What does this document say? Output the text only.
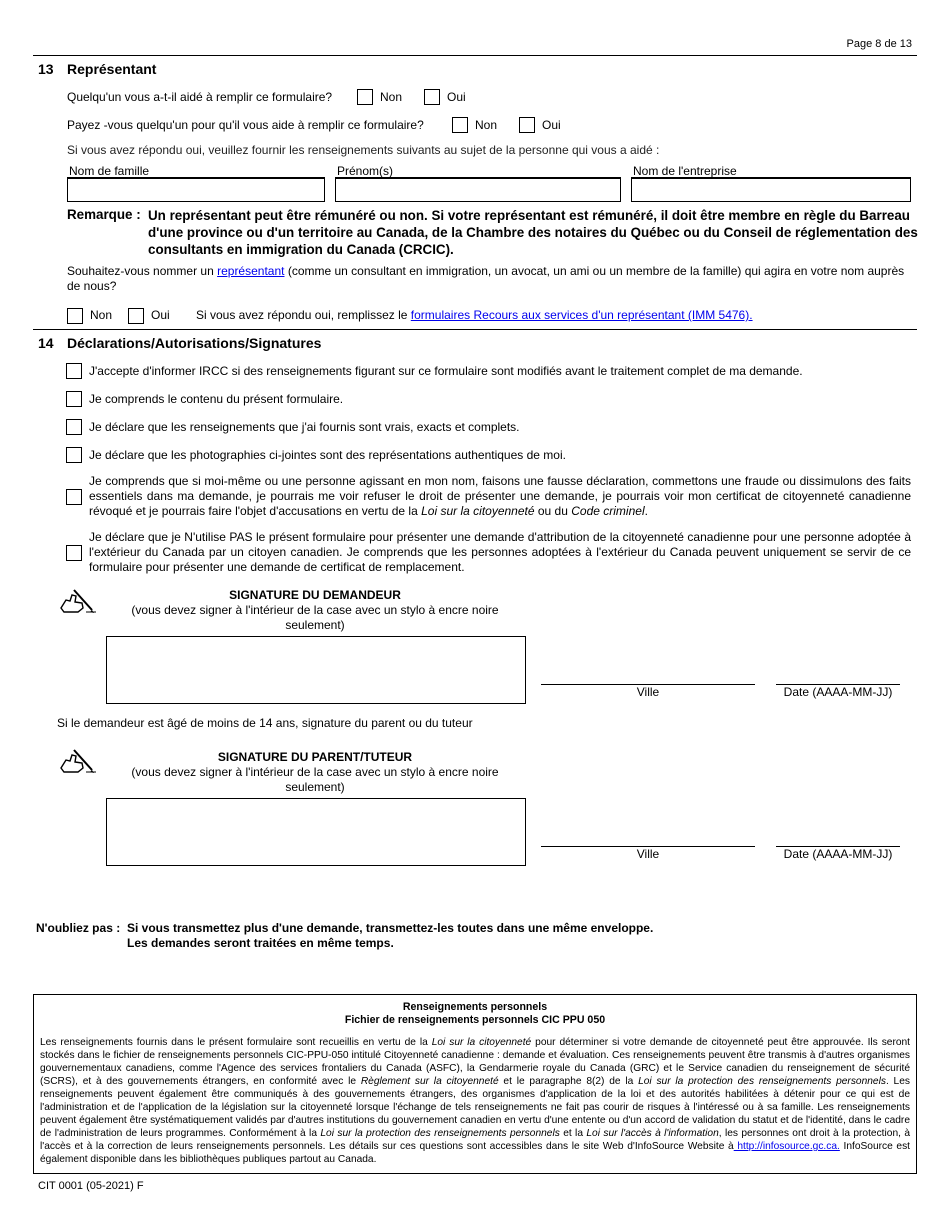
Page 8 de 13
13 Représentant
Quelqu'un vous a-t-il aidé à remplir ce formulaire?	Non	Oui
Payez -vous quelqu'un pour qu'il vous aide à remplir ce formulaire?	Non	Oui
Si vous avez répondu oui, veuillez fournir les renseignements suivants au sujet de la personne qui vous a aidé :
Nom de famille	Prénom(s)	Nom de l'entreprise
Remarque : Un représentant peut être rémunéré ou non. Si votre représentant est rémunéré, il doit être membre en règle du Barreau d'une province ou d'un territoire au Canada, de la Chambre des notaires du Québec ou du Conseil de réglementation des consultants en immigration du Canada (CRCIC).
Souhaitez-vous nommer un représentant (comme un consultant en immigration, un avocat, un ami ou un membre de la famille) qui agira en votre nom auprès de nous?
Non	Oui Si vous avez répondu oui, remplissez le formulaires Recours aux services d'un représentant (IMM 5476).
14 Déclarations/Autorisations/Signatures
J'accepte d'informer IRCC si des renseignements figurant sur ce formulaire sont modifiés avant le traitement complet de ma demande.
Je comprends le contenu du présent formulaire.
Je déclare que les renseignements que j'ai fournis sont vrais, exacts et complets.
Je déclare que les photographies ci-jointes sont des représentations authentiques de moi.
Je comprends que si moi-même ou une personne agissant en mon nom, faisons une fausse déclaration, commettons une fraude ou dissimulons des faits essentiels dans ma demande, je pourrais me voir refuser le droit de présenter une demande, je pourrais voir mon certificat de citoyenneté canadienne révoqué et je pourrais faire l'objet d'accusations en vertu de la Loi sur la citoyenneté ou du Code criminel.
Je déclare que je N'utilise PAS le présent formulaire pour présenter une demande d'attribution de la citoyenneté canadienne pour une personne adoptée à l'extérieur du Canada par un citoyen canadien. Je comprends que les personnes adoptées à l'extérieur du Canada peuvent uniquement se servir de ce formulaire pour présenter une demande de certificat de remplacement.
SIGNATURE DU DEMANDEUR
(vous devez signer à l'intérieur de la case avec un stylo à encre noire seulement)
Ville	Date (AAAA-MM-JJ)
Si le demandeur est âgé de moins de 14 ans, signature du parent ou du tuteur
SIGNATURE DU PARENT/TUTEUR
(vous devez signer à l'intérieur de la case avec un stylo à encre noire seulement)
Ville	Date (AAAA-MM-JJ)
N'oubliez pas : Si vous transmettez plus d'une demande, transmettez-les toutes dans une même enveloppe.
Les demandes seront traitées en même temps.
Renseignements personnels
Fichier de renseignements personnels CIC PPU 050
Les renseignements fournis dans le présent formulaire sont recueillis en vertu de la Loi sur la citoyenneté pour déterminer si votre demande de citoyenneté peut être approuvée. Ils seront stockés dans le fichier de renseignements personnels CIC-PPU-050 intitulé Citoyenneté canadienne : demande et évaluation. Ces renseignements peuvent être transmis à d'autres organismes gouvernementaux canadiens, comme l'Agence des services frontaliers du Canada (ASFC), la Gendarmerie royale du Canada (GRC) et le Service canadien du renseignement de sécurité (SCRS), et à des gouvernements étrangers, en conformité avec le Règlement sur la citoyenneté et le paragraphe 8(2) de la Loi sur la protection des renseignements personnels. Les renseignements peuvent également être communiqués à des gouvernements étrangers, des organismes d'application de la loi et des autorités habilitées à détenir pour ce qui est de l'administration et de l'application de la législation sur la citoyenneté lorsque l'échange de tels renseignements ne fait pas courir de risques à l'intéressé ou à sa famille. Les renseignements peuvent également être systématiquement validés par d'autres institutions du gouvernement canadien en vertu d'une entente ou d'un accord de validation du statut et de l'identité, dans le cadre de l'administration de leurs programmes. Conformément à la Loi sur la protection des renseignements personnels et la Loi sur l'accès à l'information, les personnes ont droit à la protection, à l'accès et à la correction de leurs renseignements personnels. Les détails sur ces questions sont accessibles dans le site Web d'InfoSource Website à http://infosource.gc.ca. InfoSource est également disponible dans les bibliothèques publiques partout au Canada.
CIT 0001 (05-2021) F
